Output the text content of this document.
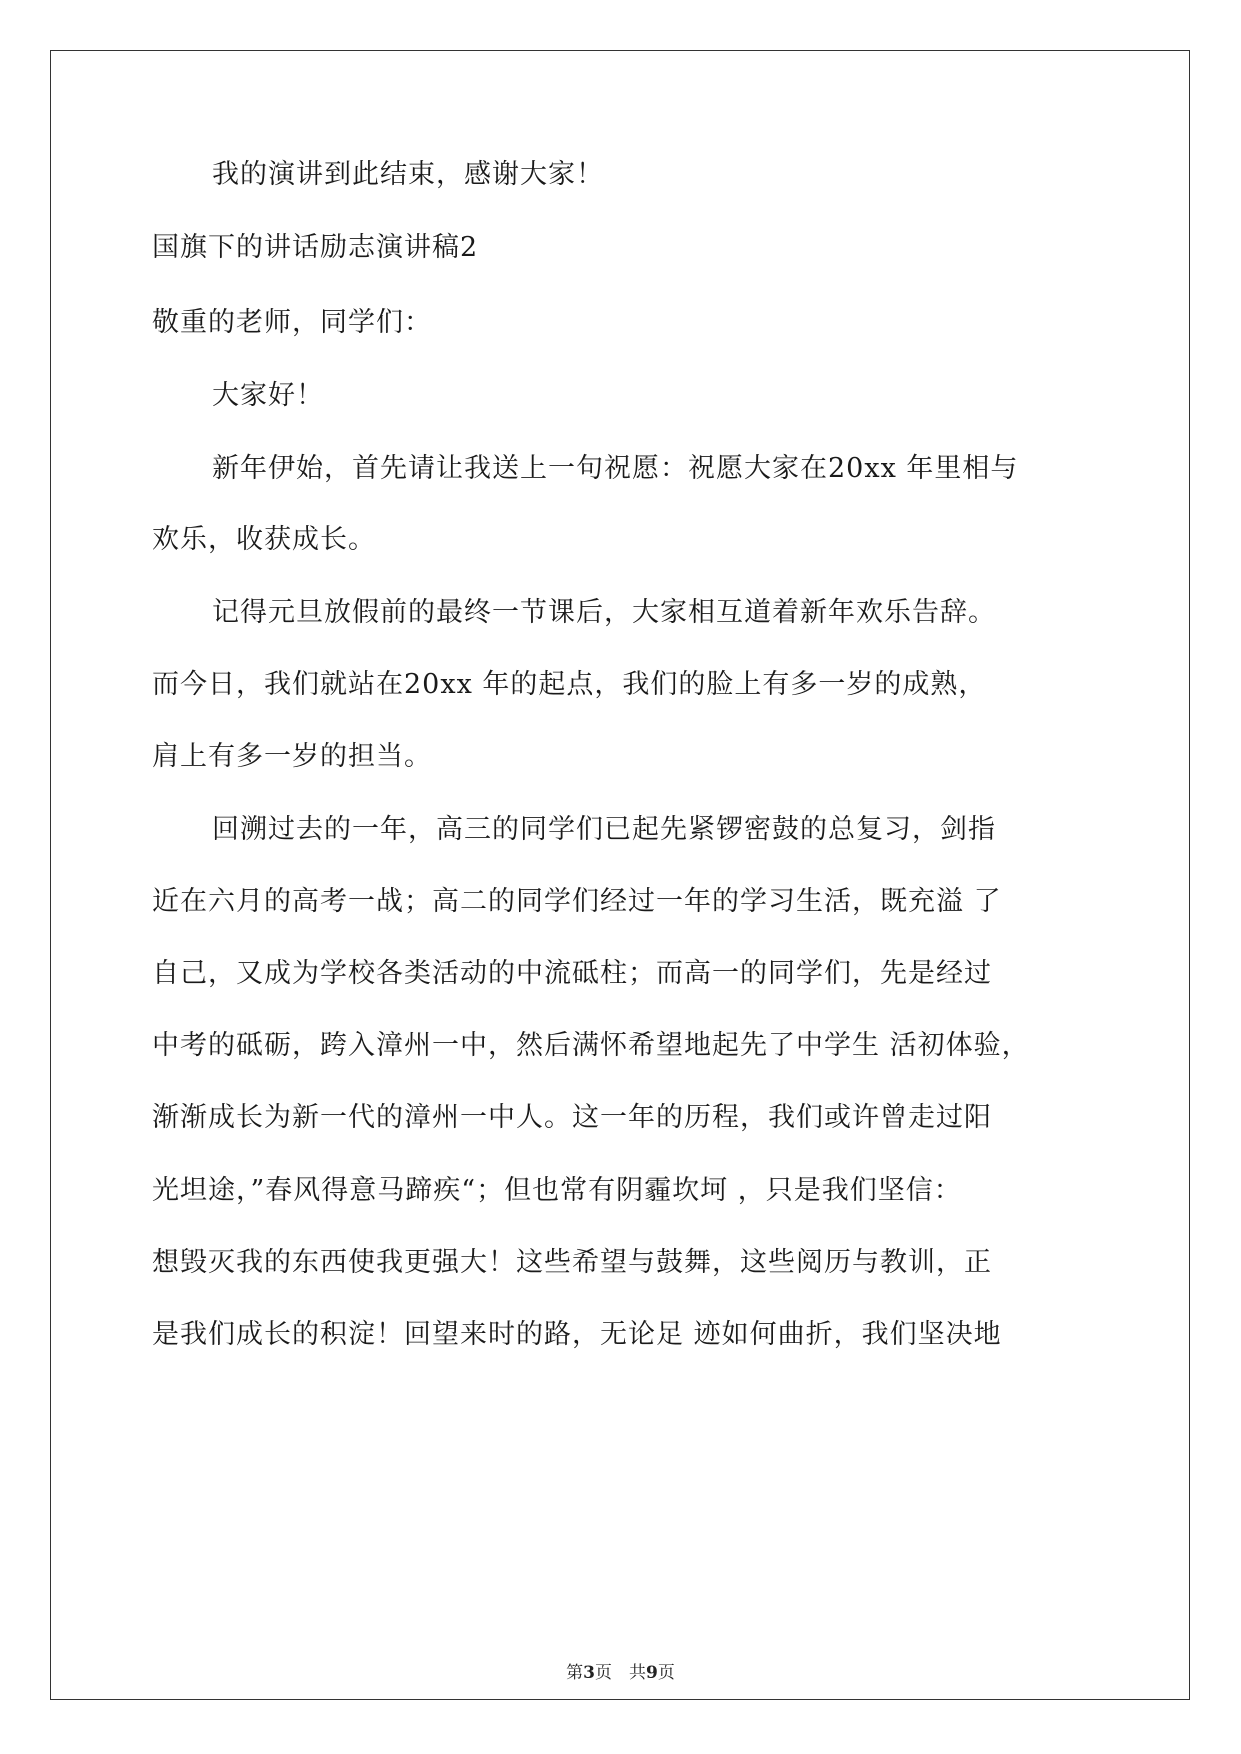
我的演讲到此结束，感谢大家！
国旗下的讲话励志演讲稿2
敬重的老师，同学们：
大家好！
新年伊始，首先请让我送上一句祝愿：祝愿大家在20xx 年里相与
欢乐，收获成长。
记得元旦放假前的最终一节课后，大家相互道着新年欢乐告辞。
而今日，我们就站在20xx 年的起点，我们的脸上有多一岁的成熟，
肩上有多一岁的担当。
回溯过去的一年，高三的同学们已起先紧锣密鼓的总复习，剑指
近在六月的高考一战；高二的同学们经过一年的学习生活，既充溢 了
自己，又成为学校各类活动的中流砥柱；而高一的同学们，先是经过
中考的砥砺，跨入漳州一中，然后满怀希望地起先了中学生 活初体验，
渐渐成长为新一代的漳州一中人。这一年的历程，我们或许曾走过阳
光坦途，”春风得意马蹄疾“；但也常有阴霾坎坷 ，只是我们坚信：
想毁灭我的东西使我更强大！这些希望与鼓舞，这些阅历与教训，正
是我们成长的积淀！回望来时的路，无论足 迹如何曲折，我们坚决地
第3页　共9页
